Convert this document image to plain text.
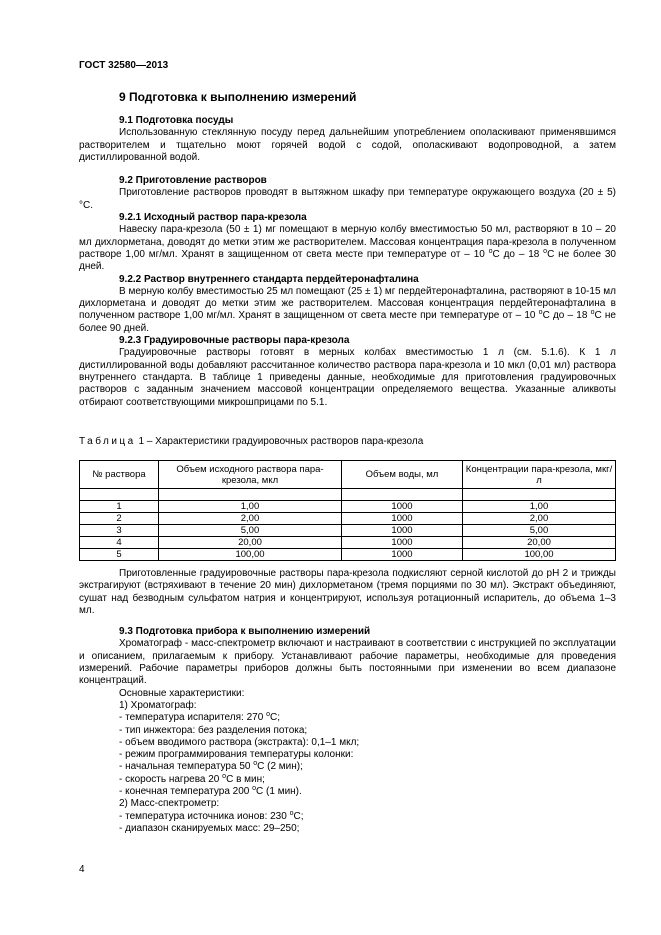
ГОСТ 32580—2013
9 Подготовка к выполнению измерений
9.1 Подготовка посуды
Использованную стеклянную посуду перед дальнейшим употреблением ополаскивают применявшимся растворителем и тщательно моют горячей водой с содой, ополаскивают водопроводной, а затем дистиллированной водой.
9.2 Приготовление растворов
Приготовление растворов проводят в вытяжном шкафу при температуре окружающего воздуха (20 ± 5) °С.
9.2.1 Исходный раствор пара-крезола
Навеску пара-крезола (50 ± 1) мг помещают в мерную колбу вместимостью 50 мл, растворяют в 10 – 20 мл дихлорметана, доводят до метки этим же растворителем. Массовая концентрация пара-крезола в полученном растворе 1,00 мг/мл. Хранят в защищенном от света месте при температуре от – 10 $^о$С до – 18 $^о$С не более 30 дней.
9.2.2 Раствор внутреннего стандарта пердейтеронафталина
В мерную колбу вместимостью 25 мл помещают (25 ± 1) мг пердейтеронафталина, растворяют в 10-15 мл дихлорметана и доводят до метки этим же растворителем. Массовая концентрация пердейтеронафталина в полученном растворе 1,00 мг/мл. Хранят в защищенном от света месте при температуре от – 10 $^о$С до – 18 $^о$С не более 90 дней.
9.2.3 Градуировочные растворы пара-крезола
Градуировочные растворы готовят в мерных колбах вместимостью 1 л (см. 5.1.6). К 1 л дистиллированной воды добавляют рассчитанное количество раствора пара-крезола и 10 мкл (0,01 мл) раствора внутреннего стандарта. В таблице 1 приведены данные, необходимые для приготовления градуировочных растворов с заданным значением массовой концентрации определяемого вещества. Указанные аликвоты отбирают соответствующими микрошприцами по 5.1.
Таблица 1 – Характеристики градуировочных растворов пара-крезола
№ раствора	Объем исходного раствора пара-крезола, мкл	Объем воды, мл	Концентрации пара-крезола, мкг/л

1	1,00	1000	1,00
2	2,00	1000	2,00
3	5,00	1000	5,00
4	20,00	1000	20,00
5	100,00	1000	100,00
Приготовленные градуировочные растворы пара-крезола подкисляют серной кислотой до рН 2 и трижды экстрагируют (встряхивают в течение 20 мин) дихлорметаном (тремя порциями по 30 мл). Экстракт объединяют, сушат над безводным сульфатом натрия и концентрируют, используя ротационный испаритель, до объема 1–3 мл.
9.3 Подготовка прибора к выполнению измерений
Хроматограф - масс-спектрометр включают и настраивают в соответствии с инструкцией по эксплуатации и описанием, прилагаемым к прибору. Устанавливают рабочие параметры, необходимые для проведения измерений. Рабочие параметры приборов должны быть постоянными при изменении во всем диапазоне концентраций.
Основные характеристики:
1) Хроматограф:
- температура испарителя: 270 $^о$С;
- тип инжектора: без разделения потока;
- объем вводимого раствора (экстракта): 0,1–1 мкл;
- режим программирования температуры колонки:
- начальная температура 50 $^о$С (2 мин);
- скорость нагрева 20 $^о$С в мин;
- конечная температура 200 $^о$С (1 мин).
2) Масс-спектрометр:
- температура источника ионов: 230 $^о$С;
- диапазон сканируемых масс: 29–250;
4
